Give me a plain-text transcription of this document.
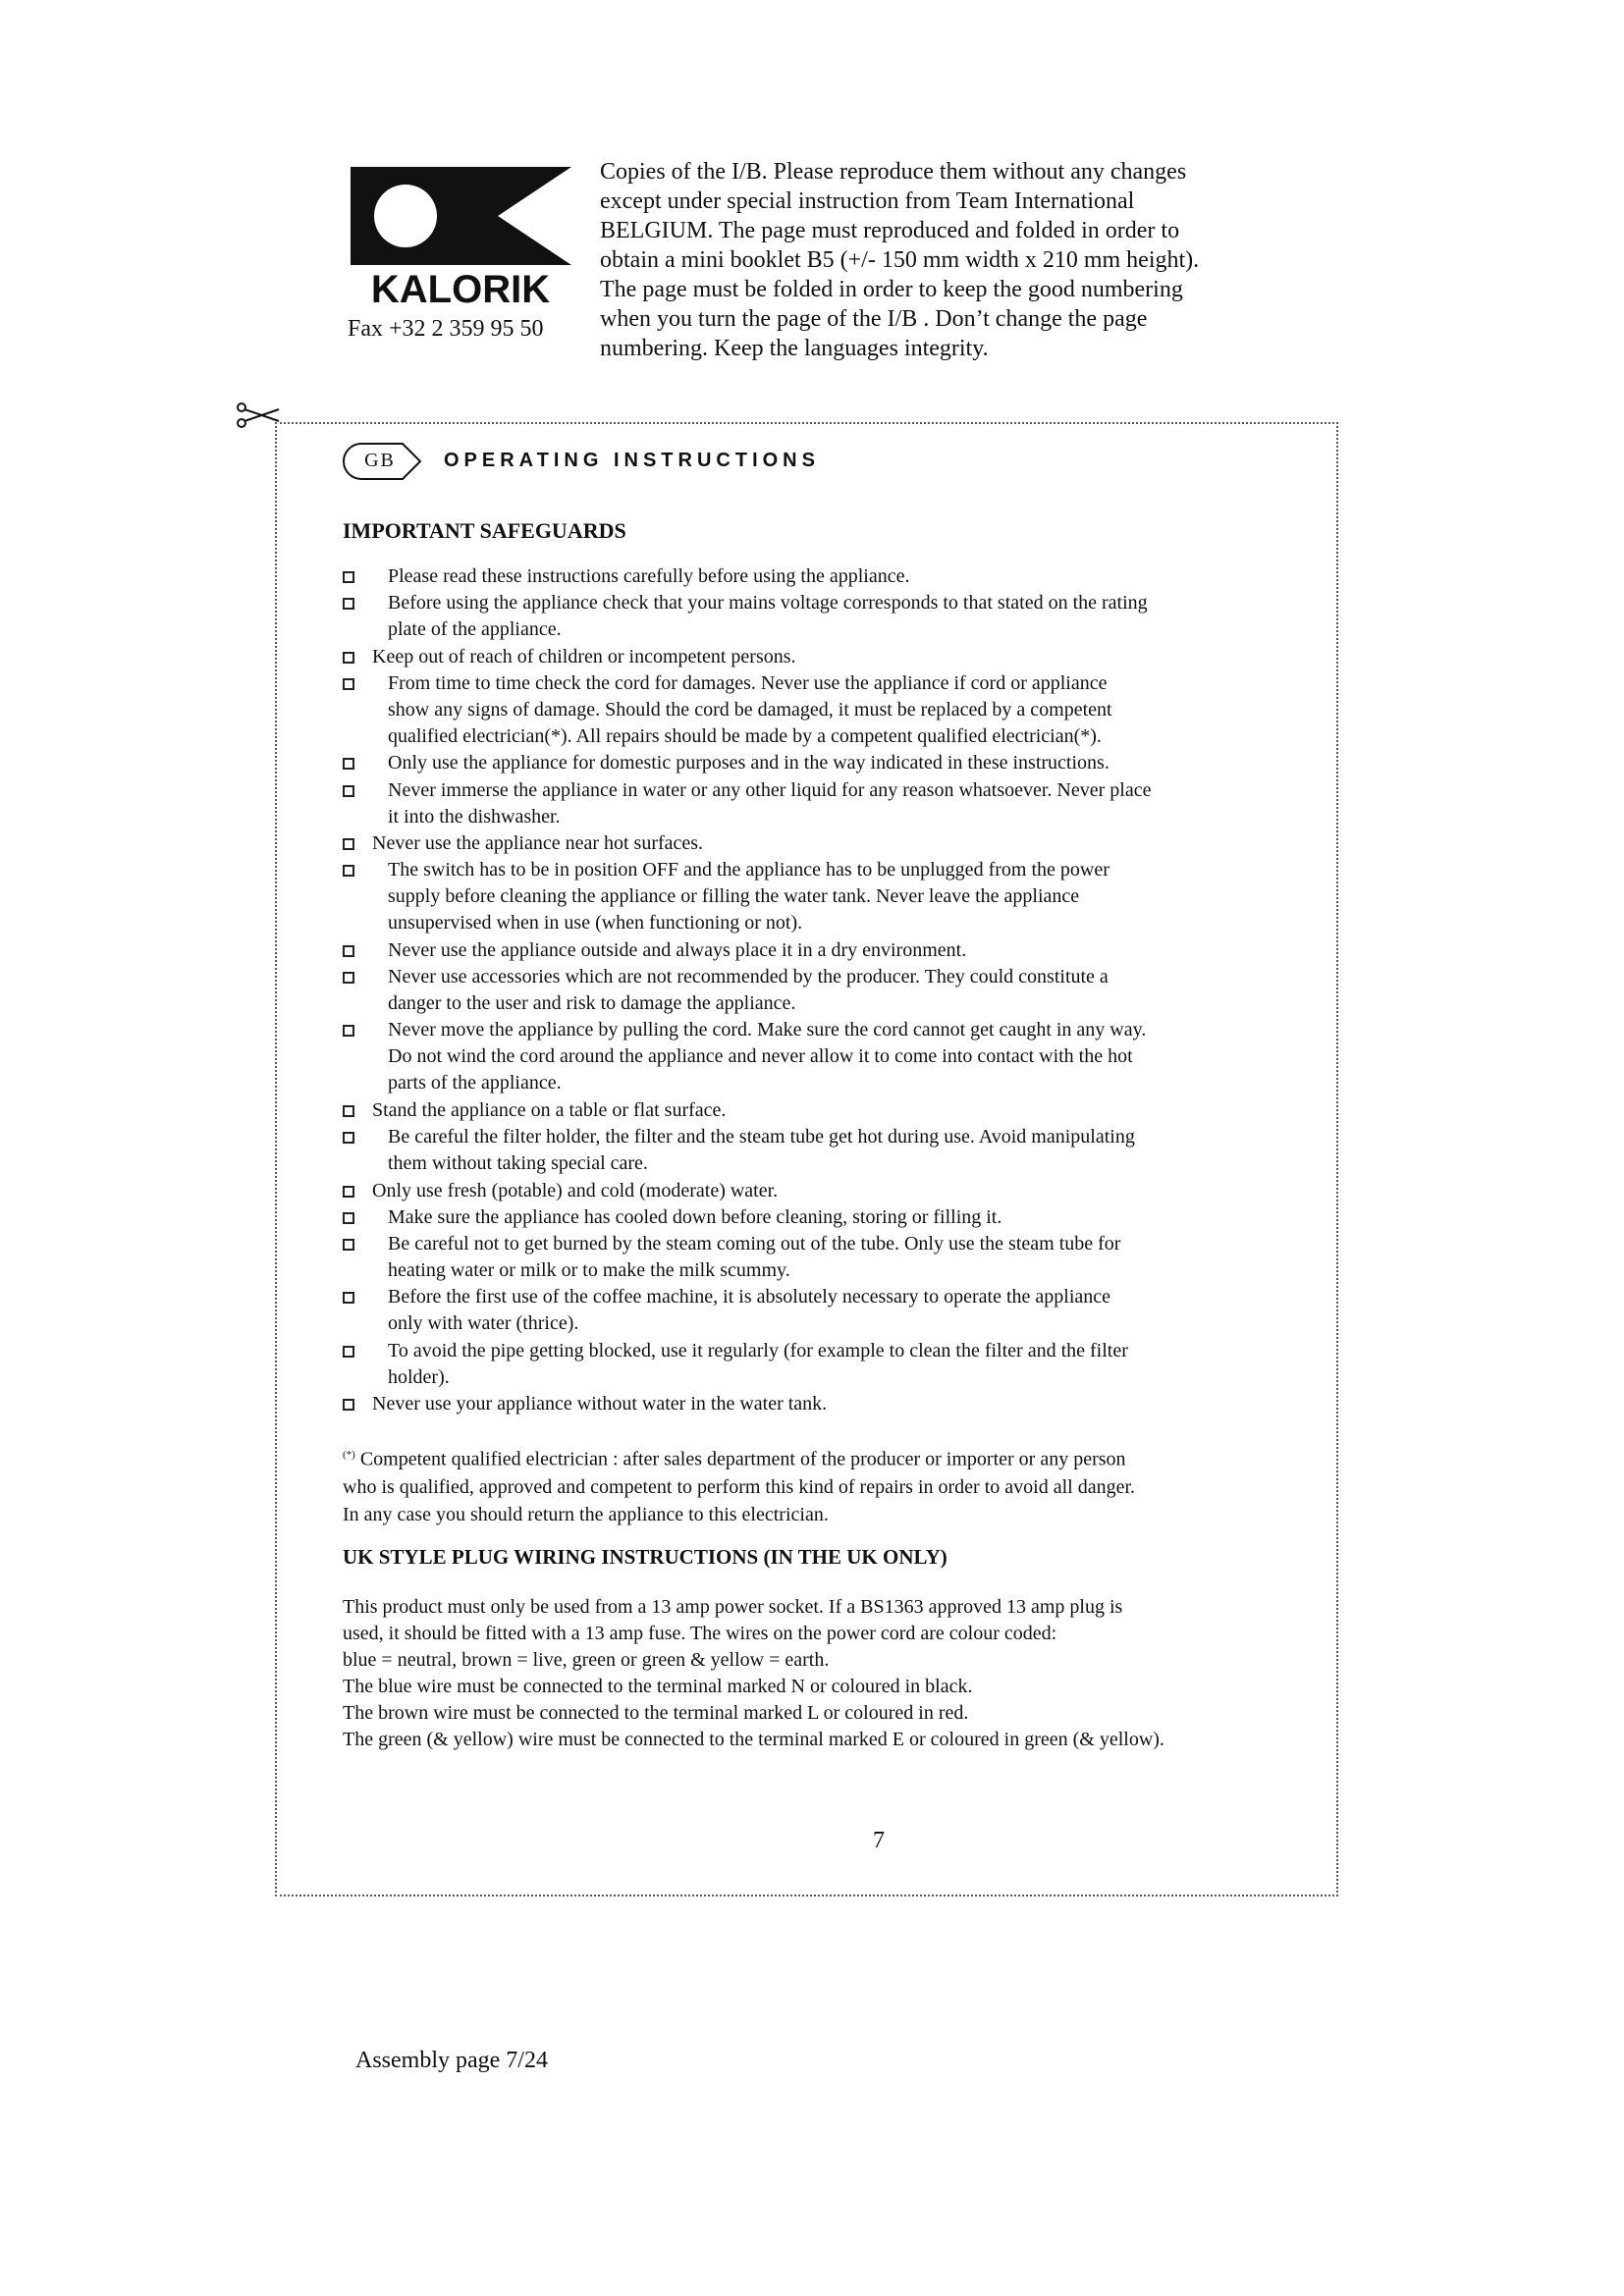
KALORIK
Fax +32 2 359 95 50
Copies of the I/B. Please reproduce them without any changes
except under special instruction from Team International
BELGIUM. The page must reproduced and folded in order to
obtain a mini booklet B5 (+/- 150 mm width x 210 mm height).
The page must be folded in order to keep the good numbering
when you turn the page of the I/B . Don’t change the page
numbering. Keep the languages integrity.
GB	OPERATING INSTRUCTIONS
IMPORTANT SAFEGUARDS
Please read these instructions carefully before using the appliance.
Before using the appliance check that your mains voltage corresponds to that stated on the rating
plate of the appliance.
Keep out of reach of children or incompetent persons.
From time to time check the cord for damages. Never use the appliance if cord or appliance
show any signs of damage. Should the cord be damaged, it must be replaced by a competent
qualified electrician(*). All repairs should be made by a competent qualified electrician(*).
Only use the appliance for domestic purposes and in the way indicated in these instructions.
Never immerse the appliance in water or any other liquid for any reason whatsoever. Never place
it into the dishwasher.
Never use the appliance near hot surfaces.
The switch has to be in position OFF and the appliance has to be unplugged from the power
supply before cleaning the appliance or filling the water tank. Never leave the appliance
unsupervised when in use (when functioning or not).
Never use the appliance outside and always place it in a dry environment.
Never use accessories which are not recommended by the producer. They could constitute a
danger to the user and risk to damage the appliance.
Never move the appliance by pulling the cord. Make sure the cord cannot get caught in any way.
Do not wind the cord around the appliance and never allow it to come into contact with the hot
parts of the appliance.
Stand the appliance on a table or flat surface.
Be careful the filter holder, the filter and the steam tube get hot during use. Avoid manipulating
them without taking special care.
Only use fresh (potable) and cold (moderate) water.
Make sure the appliance has cooled down before cleaning, storing or filling it.
Be careful not to get burned by the steam coming out of the tube. Only use the steam tube for
heating water or milk or to make the milk scummy.
Before the first use of the coffee machine, it is absolutely necessary to operate the appliance
only with water (thrice).
To avoid the pipe getting blocked, use it regularly (for example to clean the filter and the filter
holder).
Never use your appliance without water in the water tank.
(*) Competent qualified electrician : after sales department of the producer or importer or any person
who is qualified, approved and competent to perform this kind of repairs in order to avoid all danger.
In any case you should return the appliance to this electrician.
UK STYLE PLUG WIRING INSTRUCTIONS (IN THE UK ONLY)
This product must only be used from a 13 amp power socket. If a BS1363 approved 13 amp plug is
used, it should be fitted with a 13 amp fuse. The wires on the power cord are colour coded:
blue = neutral, brown = live, green or green & yellow = earth.
The blue wire must be connected to the terminal marked N or coloured in black.
The brown wire must be connected to the terminal marked L or coloured in red.
The green (& yellow) wire must be connected to the terminal marked E or coloured in green (& yellow).
7
Assembly page 7/24
